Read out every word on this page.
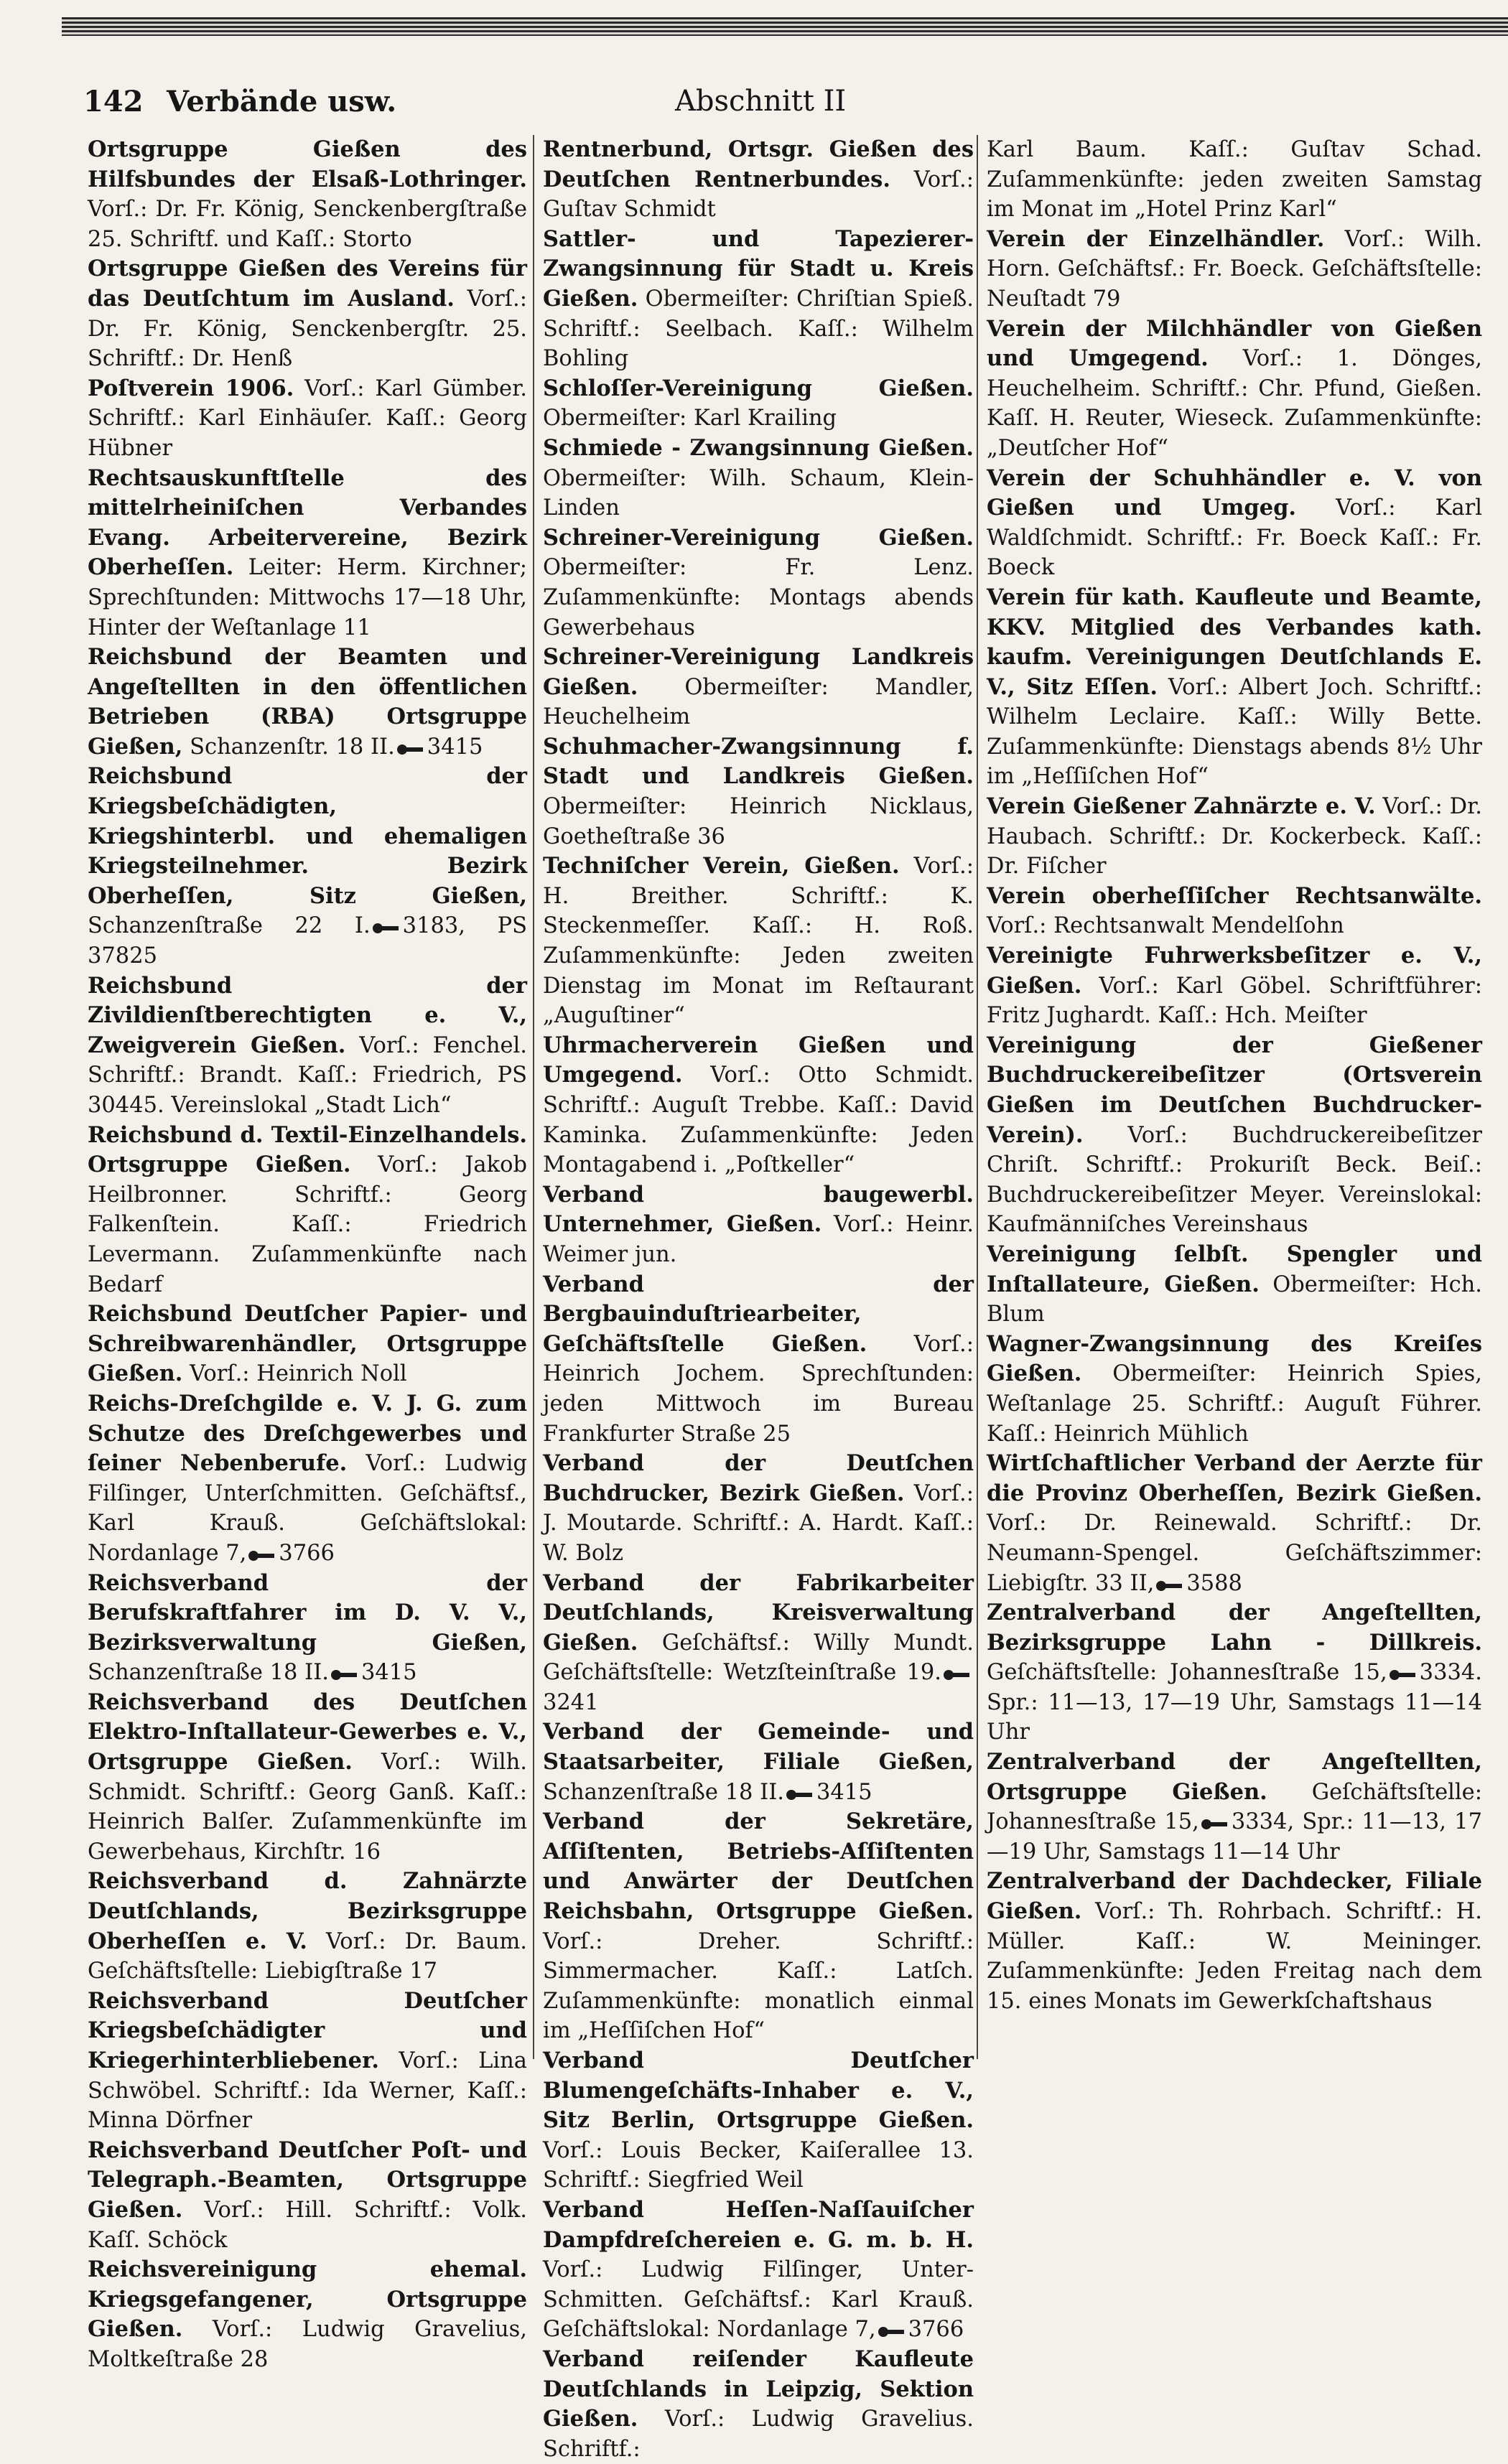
142 Verbände usw.	Abschnitt II

Ortsgruppe Gießen des Hilfsbundes der Elsaß-Lothringer. Vorſ.: Dr. Fr. König, Senckenbergſtraße 25. Schriftf. und Kaſſ.: Storto

Ortsgruppe Gießen des Vereins für das Deutſchtum im Ausland. Vorſ.: Dr. Fr. König, Senckenbergſtr. 25. Schriftf.: Dr. Henß

Poſtverein 1906. Vorſ.: Karl Gümber. Schriftf.: Karl Einhäuſer. Kaſſ.: Georg Hübner

Rechtsauskunftſtelle des mittelrheiniſchen Verbandes Evang. Arbeitervereine, Bezirk Oberheſſen. Leiter: Herm. Kirchner; Sprechſtunden: Mittwochs 17—18 Uhr, Hinter der Weſtanlage 11

Reichsbund der Beamten und Angeſtellten in den öffentlichen Betrieben (RBA) Ortsgruppe Gießen, Schanzenſtr. 18 II. 3415

Reichsbund der Kriegsbeſchädigten, Kriegshinterbl. und ehemaligen Kriegsteilnehmer. Bezirk Oberheſſen, Sitz Gießen, Schanzenſtraße 22 I. 3183, PS 37825

Reichsbund der Zivildienſtberechtigten e. V., Zweigverein Gießen. Vorſ.: Fenchel. Schriftf.: Brandt. Kaſſ.: Friedrich, PS 30445. Vereinslokal „Stadt Lich“

Reichsbund d. Textil-Einzelhandels. Ortsgruppe Gießen. Vorſ.: Jakob Heilbronner. Schriftf.: Georg Falkenſtein. Kaſſ.: Friedrich Levermann. Zuſammenkünfte nach Bedarf

Reichsbund Deutſcher Papier- und Schreibwarenhändler, Ortsgruppe Gießen. Vorſ.: Heinrich Noll

Reichs-Dreſchgilde e. V. J. G. zum Schutze des Dreſchgewerbes und ſeiner Nebenberufe. Vorſ.: Ludwig Filſinger, Unterſchmitten. Geſchäftsf., Karl Krauß. Geſchäftslokal: Nordanlage 7, 3766

Reichsverband der Berufskraftfahrer im D. V. V., Bezirksverwaltung Gießen, Schanzenſtraße 18 II. 3415

Reichsverband des Deutſchen Elektro-Inſtallateur-Gewerbes e. V., Ortsgruppe Gießen. Vorſ.: Wilh. Schmidt. Schriftf.: Georg Ganß. Kaſſ.: Heinrich Balſer. Zuſammenkünfte im Gewerbehaus, Kirchſtr. 16

Reichsverband d. Zahnärzte Deutſchlands, Bezirksgruppe Oberheſſen e. V. Vorſ.: Dr. Baum. Geſchäftsſtelle: Liebigſtraße 17

Reichsverband Deutſcher Kriegsbeſchädigter und Kriegerhinterbliebener. Vorſ.: Lina Schwöbel. Schriftf.: Ida Werner, Kaſſ.: Minna Dörfner

Reichsverband Deutſcher Poſt- und Telegraph.-Beamten, Ortsgruppe Gießen. Vorſ.: Hill. Schriftf.: Volk. Kaſſ. Schöck

Reichsvereinigung ehemal. Kriegsgefangener, Ortsgruppe Gießen. Vorſ.: Ludwig Gravelius, Moltkeſtraße 28

Rentnerbund, Ortsgr. Gießen des Deutſchen Rentnerbundes. Vorſ.: Guſtav Schmidt

Sattler- und Tapezierer-Zwangsinnung für Stadt u. Kreis Gießen. Obermeiſter: Chriſtian Spieß. Schriftf.: Seelbach. Kaſſ.: Wilhelm Bohling

Schloſſer-Vereinigung Gießen. Obermeiſter: Karl Krailing

Schmiede - Zwangsinnung Gießen. Obermeiſter: Wilh. Schaum, Klein-Linden

Schreiner-Vereinigung Gießen. Obermeiſter: Fr. Lenz. Zuſammenkünfte: Montags abends Gewerbehaus

Schreiner-Vereinigung Landkreis Gießen. Obermeiſter: Mandler, Heuchelheim

Schuhmacher-Zwangsinnung f. Stadt und Landkreis Gießen. Obermeiſter: Heinrich Nicklaus, Goetheſtraße 36

Techniſcher Verein, Gießen. Vorſ.: H. Breither. Schriftf.: K. Steckenmeſſer. Kaſſ.: H. Roß. Zuſammenkünfte: Jeden zweiten Dienstag im Monat im Reſtaurant „Auguſtiner“

Uhrmacherverein Gießen und Umgegend. Vorſ.: Otto Schmidt. Schriftf.: Auguſt Trebbe. Kaſſ.: David Kaminka. Zuſammenkünfte: Jeden Montagabend i. „Poſtkeller“

Verband baugewerbl. Unternehmer, Gießen. Vorſ.: Heinr. Weimer jun.

Verband der Bergbauinduſtriearbeiter, Geſchäftsſtelle Gießen. Vorſ.: Heinrich Jochem. Sprechſtunden: jeden Mittwoch im Bureau Frankfurter Straße 25

Verband der Deutſchen Buchdrucker, Bezirk Gießen. Vorſ.: J. Moutarde. Schriftf.: A. Hardt. Kaſſ.: W. Bolz

Verband der Fabrikarbeiter Deutſchlands, Kreisverwaltung Gießen. Geſchäftsf.: Willy Mundt. Geſchäftsſtelle: Wetzſteinſtraße 19.3241

Verband der Gemeinde- und Staatsarbeiter, Filiale Gießen, Schanzenſtraße 18 II. 3415

Verband der Sekretäre, Aſſiſtenten, Betriebs-Aſſiſtenten und Anwärter der Deutſchen Reichsbahn, Ortsgruppe Gießen. Vorſ.: Dreher. Schriftf.: Simmermacher. Kaſſ.: Latſch. Zuſammenkünfte: monatlich einmal im „Heſſiſchen Hof“

Verband Deutſcher Blumengeſchäfts-Inhaber e. V., Sitz Berlin, Ortsgruppe Gießen. Vorſ.: Louis Becker, Kaiſerallee 13. Schriftf.: Siegfried Weil

Verband Heſſen-Naſſauiſcher Dampfdreſchereien e. G. m. b. H. Vorſ.: Ludwig Filſinger, Unter-Schmitten. Geſchäftsf.: Karl Krauß. Geſchäftslokal: Nordanlage 7, 3766

Verband reiſender Kaufleute Deutſchlands in Leipzig, Sektion Gießen. Vorſ.: Ludwig Gravelius. Schriftf.:

Karl Baum. Kaſſ.: Guſtav Schad. Zuſammenkünfte: jeden zweiten Samstag im Monat im „Hotel Prinz Karl“

Verein der Einzelhändler. Vorſ.: Wilh. Horn. Geſchäftsf.: Fr. Boeck. Geſchäftsſtelle: Neuſtadt 79

Verein der Milchhändler von Gießen und Umgegend. Vorſ.: 1. Dönges, Heuchelheim. Schriftf.: Chr. Pfund, Gießen. Kaſſ. H. Reuter, Wieseck. Zuſammenkünfte: „Deutſcher Hof“

Verein der Schuhhändler e. V. von Gießen und Umgeg. Vorſ.: Karl Waldſchmidt. Schriftf.: Fr. Boeck Kaſſ.: Fr. Boeck

Verein für kath. Kaufleute und Beamte, KKV. Mitglied des Verbandes kath. kaufm. Vereinigungen Deutſchlands E. V., Sitz Eſſen. Vorſ.: Albert Joch. Schriftf.: Wilhelm Leclaire. Kaſſ.: Willy Bette. Zuſammenkünfte: Dienstags abends 8½ Uhr im „Heſſiſchen Hof“

Verein Gießener Zahnärzte e. V. Vorſ.: Dr. Haubach. Schriftf.: Dr. Kockerbeck. Kaſſ.: Dr. Fiſcher

Verein oberheſſiſcher Rechtsanwälte. Vorſ.: Rechtsanwalt Mendelſohn

Vereinigte Fuhrwerksbeſitzer e. V., Gießen. Vorſ.: Karl Göbel. Schriftführer: Fritz Jughardt. Kaſſ.: Hch. Meiſter

Vereinigung der Gießener Buchdruckereibeſitzer (Ortsverein Gießen im Deutſchen Buchdrucker-Verein). Vorſ.: Buchdruckereibeſitzer Chriſt. Schriftf.: Prokuriſt Beck. Beiſ.: Buchdruckereibeſitzer Meyer. Vereinslokal: Kaufmänniſches Vereinshaus

Vereinigung ſelbſt. Spengler und Inſtallateure, Gießen. Obermeiſter: Hch. Blum

Wagner-Zwangsinnung des Kreiſes Gießen. Obermeiſter: Heinrich Spies, Weſtanlage 25. Schriftf.: Auguſt Führer. Kaſſ.: Heinrich Mühlich

Wirtſchaftlicher Verband der Aerzte für die Provinz Oberheſſen, Bezirk Gießen. Vorſ.: Dr. Reinewald. Schriftf.: Dr. Neumann-Spengel. Geſchäftszimmer: Liebigſtr. 33 II, 3588

Zentralverband der Angeſtellten, Bezirksgruppe Lahn - Dillkreis. Geſchäftsſtelle: Johannesſtraße 15, 3334. Spr.: 11—13, 17—19 Uhr, Samstags 11—14 Uhr

Zentralverband der Angeſtellten, Ortsgruppe Gießen. Geſchäftsſtelle: Johannesſtraße 15, 3334, Spr.: 11—13, 17—19 Uhr, Samstags 11—14 Uhr

Zentralverband der Dachdecker, Filiale Gießen. Vorſ.: Th. Rohrbach. Schriftf.: H. Müller. Kaſſ.: W. Meininger. Zuſammenkünfte: Jeden Freitag nach dem 15. eines Monats im Gewerkſchaftshaus
